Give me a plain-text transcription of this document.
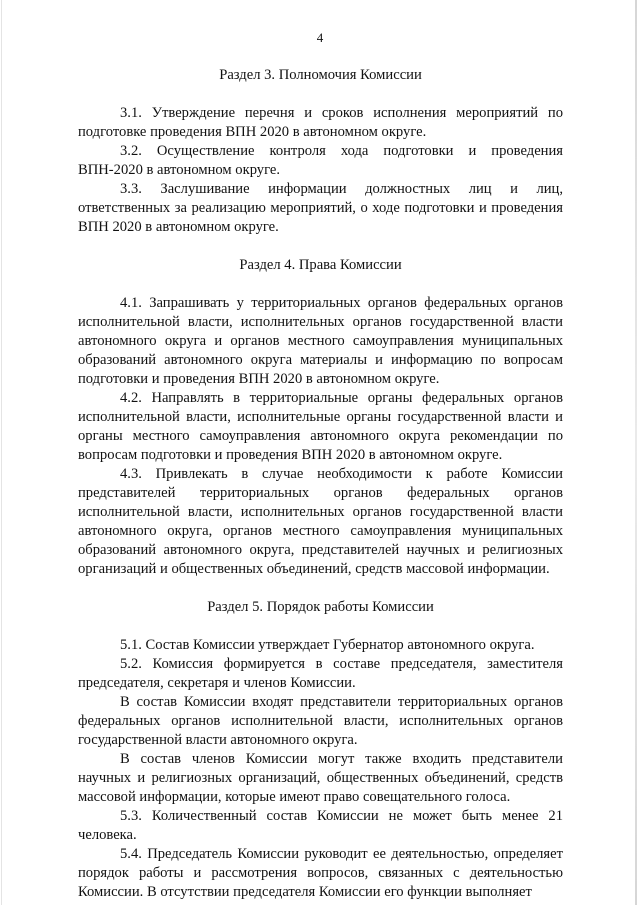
4
Раздел 3. Полномочия Комиссии

3.1. Утверждение перечня и сроков исполнения мероприятий по подготовке проведения ВПН 2020 в автономном округе.

3.2. Осуществление контроля хода подготовки и проведения ВПН-2020 в автономном округе.

3.3. Заслушивание информации должностных лиц и лиц, ответственных за реализацию мероприятий, о ходе подготовки и проведения ВПН 2020 в автономном округе.

Раздел 4. Права Комиссии

4.1. Запрашивать у территориальных органов федеральных органов исполнительной власти, исполнительных органов государственной власти автономного округа и органов местного самоуправления муниципальных образований автономного округа материалы и информацию по вопросам подготовки и проведения ВПН 2020 в автономном округе.

4.2. Направлять в территориальные органы федеральных органов исполнительной власти, исполнительные органы государственной власти и органы местного самоуправления автономного округа рекомендации по вопросам подготовки и проведения ВПН 2020 в автономном округе.

4.3. Привлекать в случае необходимости к работе Комиссии представителей территориальных органов федеральных органов исполнительной власти, исполнительных органов государственной власти автономного округа, органов местного самоуправления муниципальных образований автономного округа, представителей научных и религиозных организаций и общественных объединений, средств массовой информации.

Раздел 5. Порядок работы Комиссии

5.1. Состав Комиссии утверждает Губернатор автономного округа.

5.2. Комиссия формируется в составе председателя, заместителя председателя, секретаря и членов Комиссии.

В состав Комиссии входят представители территориальных органов федеральных органов исполнительной власти, исполнительных органов государственной власти автономного округа.

В состав членов Комиссии могут также входить представители научных и религиозных организаций, общественных объединений, средств массовой информации, которые имеют право совещательного голоса.

5.3. Количественный состав Комиссии не может быть менее 21 человека.

5.4. Председатель Комиссии руководит ее деятельностью, определяет порядок работы и рассмотрения вопросов, связанных с деятельностью Комиссии. В отсутствии председателя Комиссии его функции выполняет
